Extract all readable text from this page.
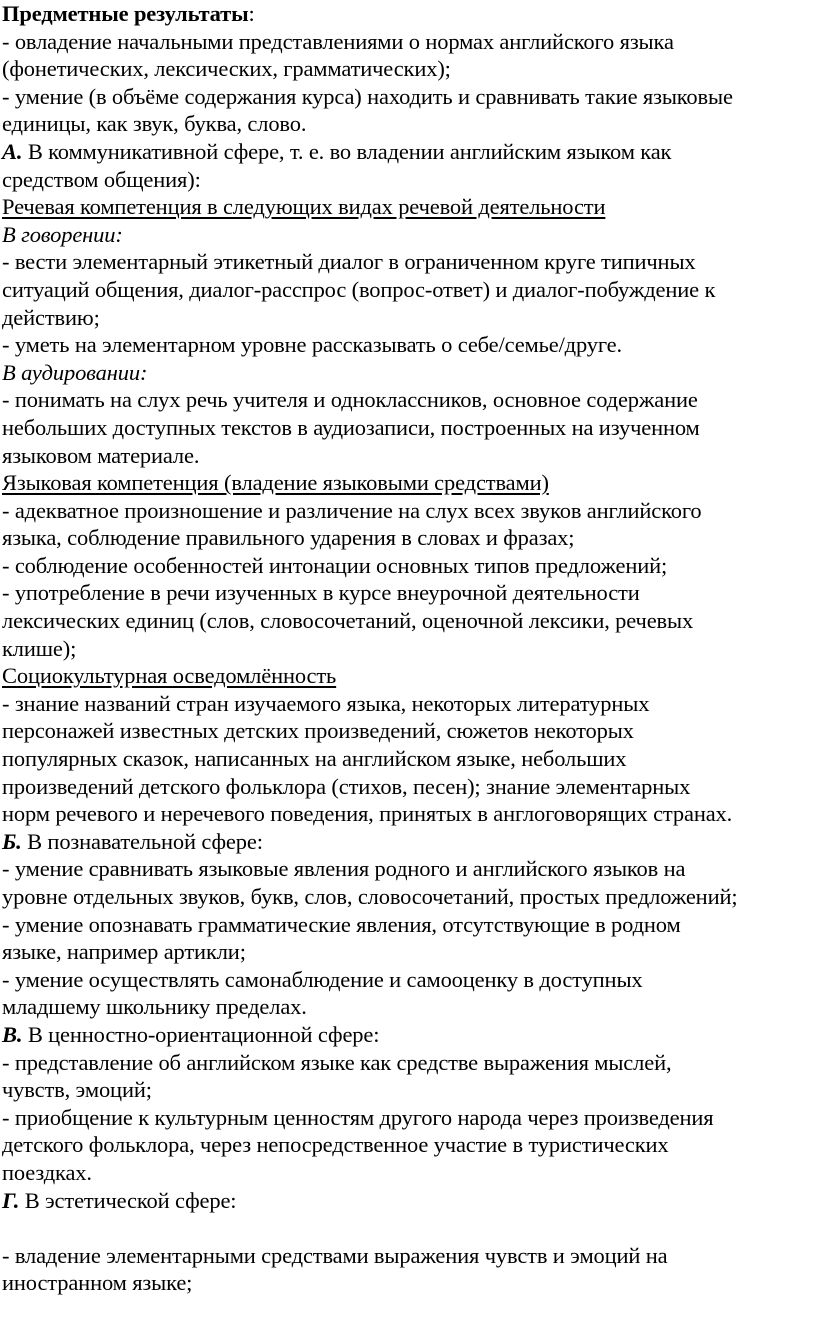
Предметные результаты:
- овладение начальными представлениями о нормах английского языка
(фонетических, лексических, грамматических);
- умение (в объёме содержания курса) находить и сравнивать такие языковые
единицы, как звук, буква, слово.
А. В коммуникативной сфере, т. е. во владении английским языком как
средством общения):
Речевая компетенция в следующих видах речевой деятельности
В говорении:
- вести элементарный этикетный диалог в ограниченном круге типичных
ситуаций общения, диалог-расспрос (вопрос-ответ) и диалог-побуждение к
действию;
- уметь на элементарном уровне рассказывать о себе/семье/друге.
В аудировании:
- понимать на слух речь учителя и одноклассников, основное содержание
небольших доступных текстов в аудиозаписи, построенных на изученном
языковом материале.
Языковая компетенция (владение языковыми средствами)
- адекватное произношение и различение на слух всех звуков английского
языка, соблюдение правильного ударения в словах и фразах;
- соблюдение особенностей интонации основных типов предложений;
- употребление в речи изученных в курсе внеурочной деятельности
лексических единиц (слов, словосочетаний, оценочной лексики, речевых
клише);
Социокультурная осведомлённость
- знание названий стран изучаемого языка, некоторых литературных
персонажей известных детских произведений, сюжетов некоторых
популярных сказок, написанных на английском языке, небольших
произведений детского фольклора (стихов, песен); знание элементарных
норм речевого и неречевого поведения, принятых в англоговорящих странах.
Б. В познавательной сфере:
- умение сравнивать языковые явления родного и английского языков на
уровне отдельных звуков, букв, слов, словосочетаний, простых предложений;
- умение опознавать грамматические явления, отсутствующие в родном
языке, например артикли;
- умение осуществлять самонаблюдение и самооценку в доступных
младшему школьнику пределах.
В. В ценностно-ориентационной сфере:
- представление об английском языке как средстве выражения мыслей,
чувств, эмоций;
- приобщение к культурным ценностям другого народа через произведения
детского фольклора, через непосредственное участие в туристических
поездках.
Г. В эстетической сфере:
- владение элементарными средствами выражения чувств и эмоций на
иностранном языке;
